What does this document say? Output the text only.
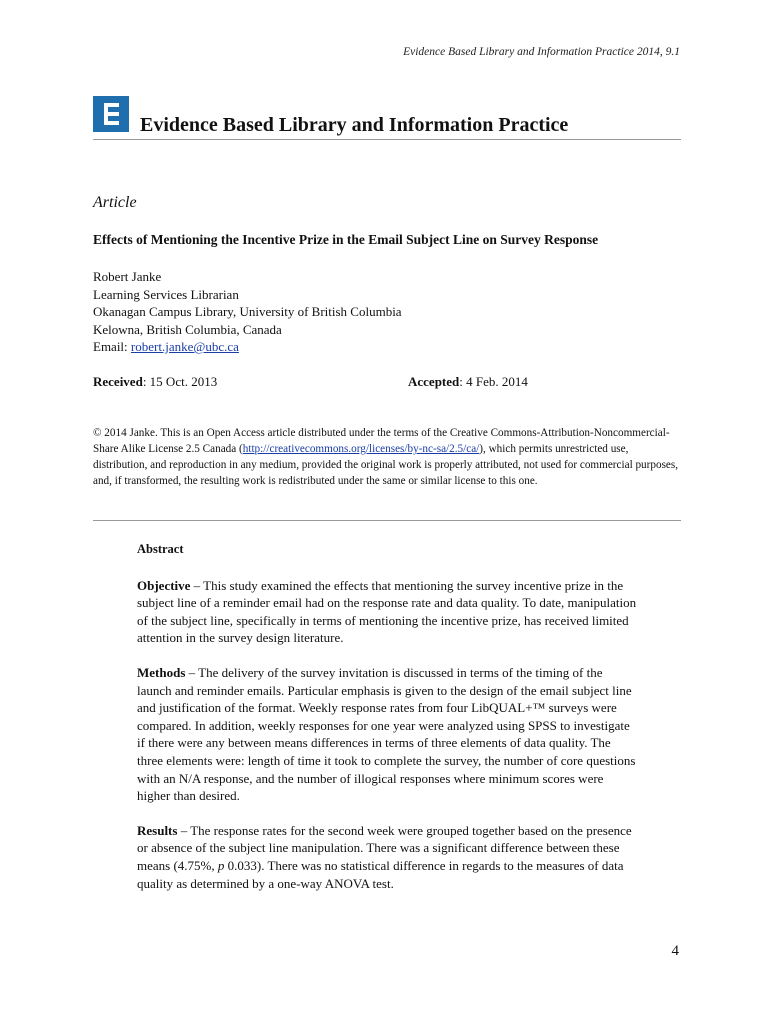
Evidence Based Library and Information Practice 2014, 9.1
Evidence Based Library and Information Practice
Article
Effects of Mentioning the Incentive Prize in the Email Subject Line on Survey Response
Robert Janke
Learning Services Librarian
Okanagan Campus Library, University of British Columbia
Kelowna, British Columbia, Canada
Email: robert.janke@ubc.ca
Received: 15 Oct. 2013	Accepted: 4 Feb. 2014
© 2014 Janke. This is an Open Access article distributed under the terms of the Creative Commons-Attribution-Noncommercial-Share Alike License 2.5 Canada (http://creativecommons.org/licenses/by-nc-sa/2.5/ca/), which permits unrestricted use, distribution, and reproduction in any medium, provided the original work is properly attributed, not used for commercial purposes, and, if transformed, the resulting work is redistributed under the same or similar license to this one.
Abstract

Objective – This study examined the effects that mentioning the survey incentive prize in the subject line of a reminder email had on the response rate and data quality. To date, manipulation of the subject line, specifically in terms of mentioning the incentive prize, has received limited attention in the survey design literature.

Methods – The delivery of the survey invitation is discussed in terms of the timing of the launch and reminder emails. Particular emphasis is given to the design of the email subject line and justification of the format. Weekly response rates from four LibQUAL+™ surveys were compared. In addition, weekly responses for one year were analyzed using SPSS to investigate if there were any between means differences in terms of three elements of data quality. The three elements were: length of time it took to complete the survey, the number of core questions with an N/A response, and the number of illogical responses where minimum scores were higher than desired.

Results – The response rates for the second week were grouped together based on the presence or absence of the subject line manipulation. There was a significant difference between these means (4.75%, p 0.033). There was no statistical difference in regards to the measures of data quality as determined by a one-way ANOVA test.

4
